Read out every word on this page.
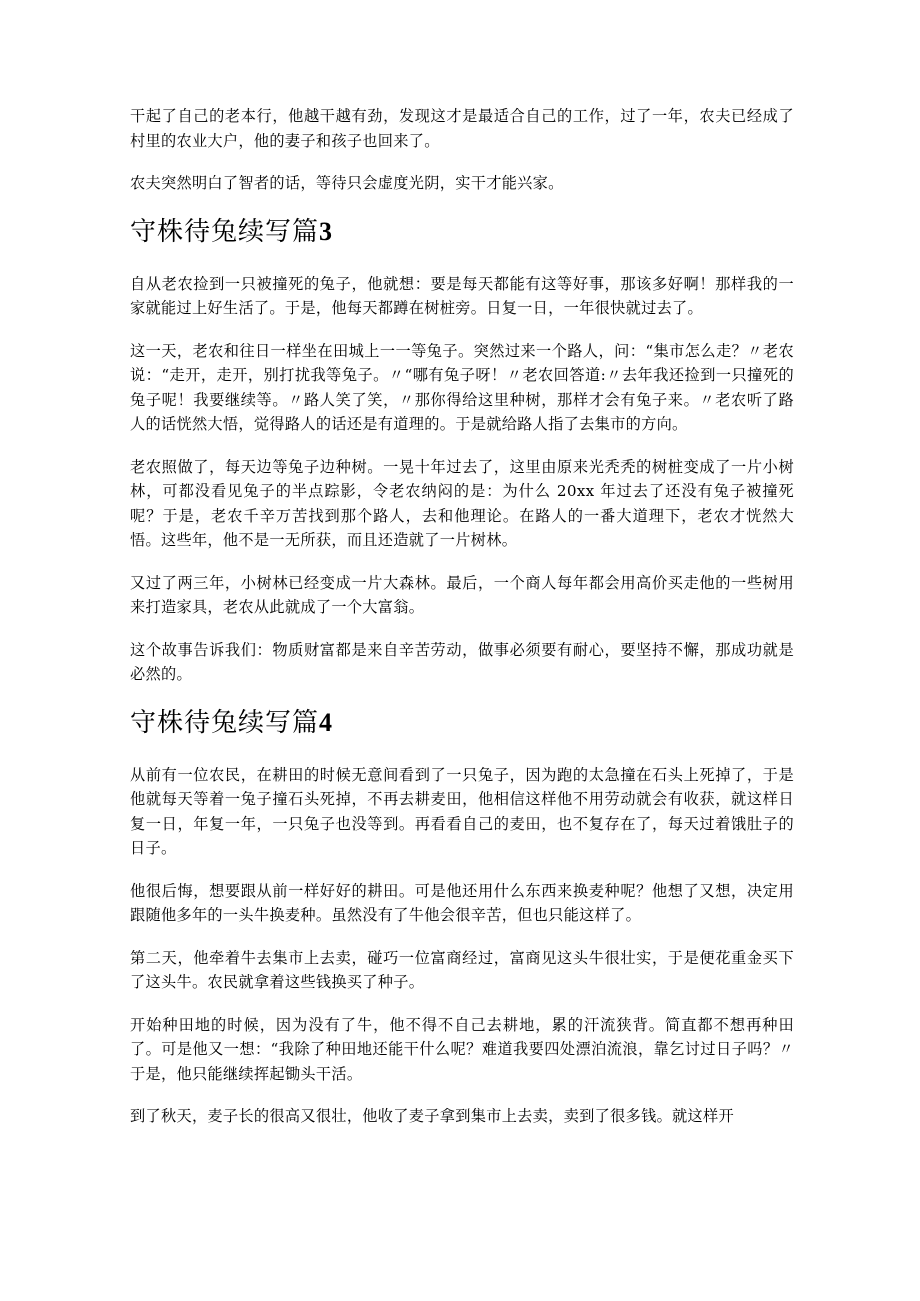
干起了自己的老本行，他越干越有劲，发现这才是最适合自己的工作，过了一年，农夫已经成了村里的农业大户，他的妻子和孩子也回来了。

农夫突然明白了智者的话，等待只会虚度光阴，实干才能兴家。

守株待兔续写篇3

自从老农捡到一只被撞死的兔子，他就想：要是每天都能有这等好事，那该多好啊！那样我的一家就能过上好生活了。于是，他每天都蹲在树桩旁。日复一日，一年很快就过去了。

这一天，老农和往日一样坐在田城上一一等兔子。突然过来一个路人，问：“集市怎么走？〃老农说：“走开，走开，别打扰我等兔子。〃“哪有兔子呀！〃老农回答道:〃去年我还捡到一只撞死的兔子呢！我要继续等。〃路人笑了笑，〃那你得给这里种树，那样才会有兔子来。〃老农听了路人的话恍然大悟，觉得路人的话还是有道理的。于是就给路人指了去集市的方向。

老农照做了，每天边等兔子边种树。一晃十年过去了，这里由原来光秃秃的树桩变成了一片小树林，可都没看见兔子的半点踪影，令老农纳闷的是：为什么 20xx 年过去了还没有兔子被撞死呢？于是，老农千辛万苦找到那个路人，去和他理论。在路人的一番大道理下，老农才恍然大悟。这些年，他不是一无所获，而且还造就了一片树林。

又过了两三年，小树林已经变成一片大森林。最后，一个商人每年都会用高价买走他的一些树用来打造家具，老农从此就成了一个大富翁。

这个故事告诉我们：物质财富都是来自辛苦劳动，做事必须要有耐心，要坚持不懈，那成功就是必然的。

守株待兔续写篇4

从前有一位农民，在耕田的时候无意间看到了一只兔子，因为跑的太急撞在石头上死掉了，于是他就每天等着一兔子撞石头死掉，不再去耕麦田，他相信这样他不用劳动就会有收获，就这样日复一日，年复一年，一只兔子也没等到。再看看自己的麦田，也不复存在了，每天过着饿肚子的日子。

他很后悔，想要跟从前一样好好的耕田。可是他还用什么东西来换麦种呢？他想了又想，决定用跟随他多年的一头牛换麦种。虽然没有了牛他会很辛苦，但也只能这样了。

第二天，他牵着牛去集市上去卖，碰巧一位富商经过，富商见这头牛很壮实，于是便花重金买下了这头牛。农民就拿着这些钱换买了种子。

开始种田地的时候，因为没有了牛，他不得不自己去耕地，累的汗流狭背。简直都不想再种田了。可是他又一想：“我除了种田地还能干什么呢？难道我要四处漂泊流浪，靠乞讨过日子吗？〃于是，他只能继续挥起锄头干活。

到了秋天，麦子长的很高又很壮，他收了麦子拿到集市上去卖，卖到了很多钱。就这样开
